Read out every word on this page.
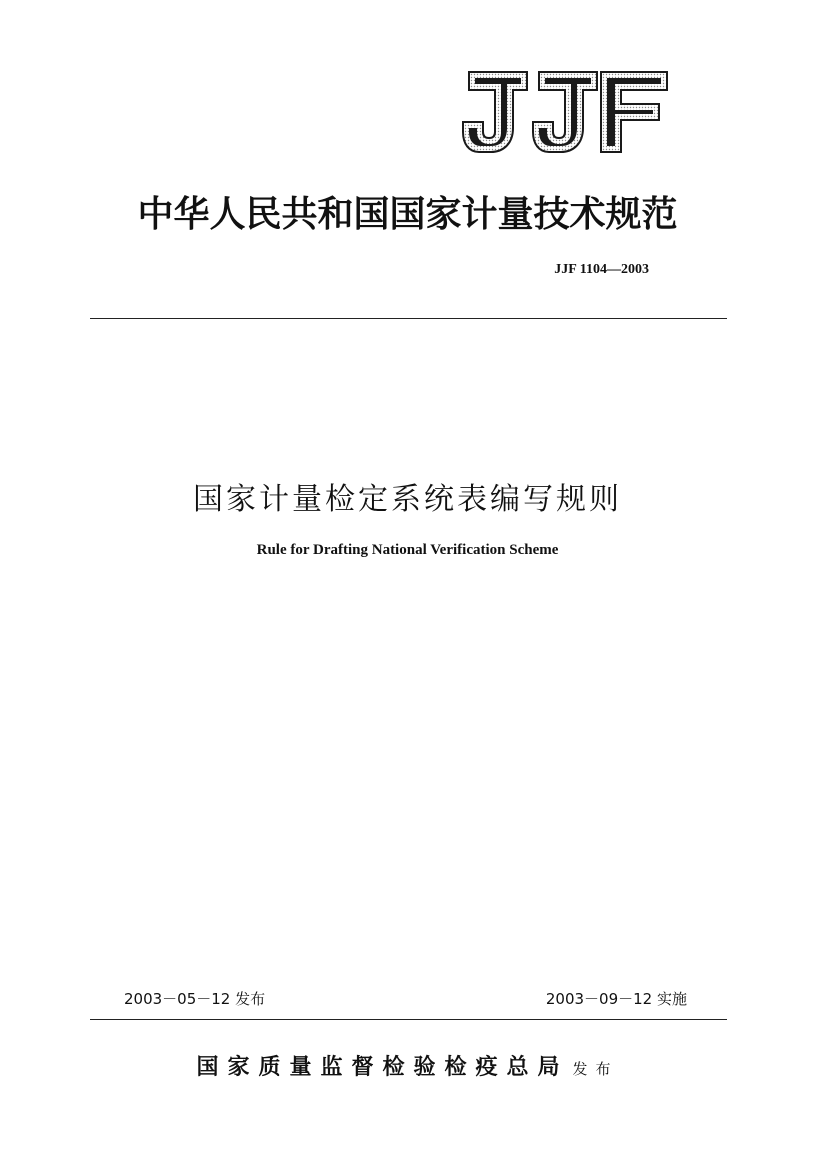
中华人民共和国国家计量技术规范
JJF 1104—2003
国家计量检定系统表编写规则
Rule for Drafting National Verification Scheme
2003－05－12 发布	2003－09－12 实施
国家质量监督检验检疫总局 发布
